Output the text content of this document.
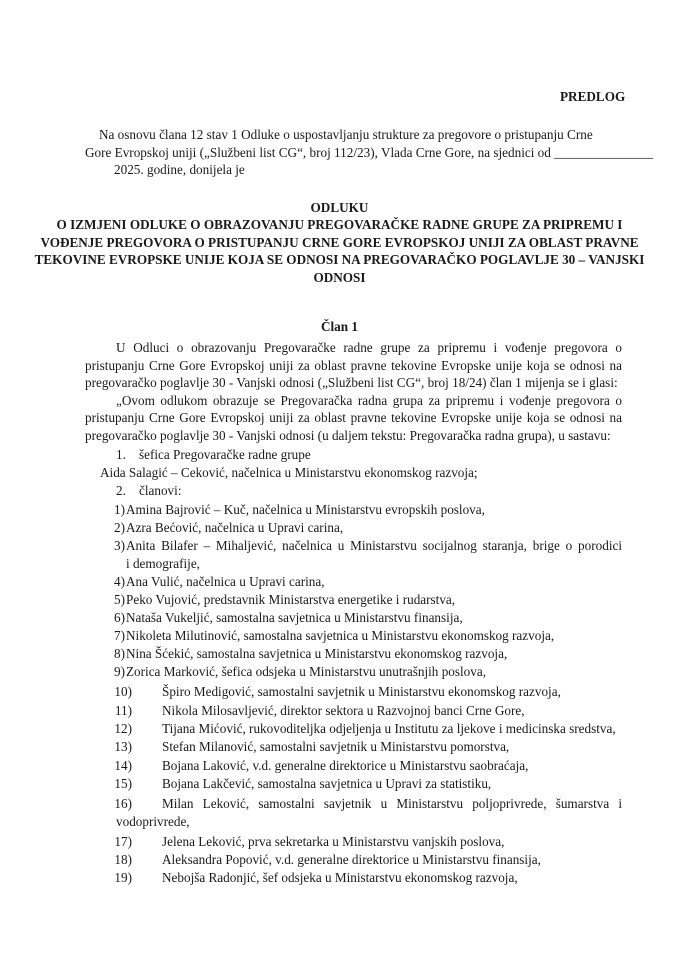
PREDLOG
Na osnovu člana 12 stav 1 Odluke o uspostavljanju strukture za pregovore o pristupanju Crne
Gore Evropskoj uniji („Službeni list CG“, broj 112/23), Vlada Crne Gore, na sjednici od _______________
2025. godine, donijela je
ODLUKU
O IZMJENI ODLUKE O OBRAZOVANJU PREGOVARAČKE RADNE GRUPE ZA PRIPREMU I
VOĐENJE PREGOVORA O PRISTUPANJU CRNE GORE EVROPSKOJ UNIJI ZA OBLAST PRAVNE
TEKOVINE EVROPSKE UNIJE KOJA SE ODNOSI NA PREGOVARAČKO POGLAVLJE 30 – VANJSKI
ODNOSI
Član 1
U Odluci o obrazovanju Pregovaračke radne grupe za pripremu i vođenje pregovora o
pristupanju Crne Gore Evropskoj uniji za oblast pravne tekovine Evropske unije koja se odnosi na
pregovaračko poglavlje 30 - Vanjski odnosi („Službeni list CG“, broj 18/24) član 1 mijenja se i glasi:
„Ovom odlukom obrazuje se Pregovaračka radna grupa za pripremu i vođenje pregovora o
pristupanju Crne Gore Evropskoj uniji za oblast pravne tekovine Evropske unije koja se odnosi na
pregovaračko poglavlje 30 - Vanjski odnosi (u daljem tekstu: Pregovaračka radna grupa), u sastavu:
1. šefica Pregovaračke radne grupe
Aida Salagić – Ceković, načelnica u Ministarstvu ekonomskog razvoja;
2. članovi:
1) Amina Bajrović – Kuč, načelnica u Ministarstvu evropskih poslova,
2) Azra Bećović, načelnica u Upravi carina,
3) Anita Bilafer – Mihaljević, načelnica u Ministarstvu socijalnog staranja, brige o porodici
i demografije,
4) Ana Vulić, načelnica u Upravi carina,
5) Peko Vujović, predstavnik Ministarstva energetike i rudarstva,
6) Nataša Vukeljić, samostalna savjetnica u Ministarstvu finansija,
7) Nikoleta Milutinović, samostalna savjetnica u Ministarstvu ekonomskog razvoja,
8) Nina Šćekić, samostalna savjetnica u Ministarstvu ekonomskog razvoja,
9) Zorica Marković, šefica odsjeka u Ministarstvu unutrašnjih poslova,
10) Špiro Medigović, samostalni savjetnik u Ministarstvu ekonomskog razvoja,
11) Nikola Milosavljević, direktor sektora u Razvojnoj banci Crne Gore,
12) Tijana Mićović, rukovoditeljka odjeljenja u Institutu za ljekove i medicinska sredstva,
13) Stefan Milanović, samostalni savjetnik u Ministarstvu pomorstva,
14) Bojana Laković, v.d. generalne direktorice u Ministarstvu saobraćaja,
15) Bojana Lakčević, samostalna savjetnica u Upravi za statistiku,
16) Milan Leković, samostalni savjetnik u Ministarstvu poljoprivrede, šumarstva i
vodoprivrede,
17) Jelena Leković, prva sekretarka u Ministarstvu vanjskih poslova,
18) Aleksandra Popović, v.d. generalne direktorice u Ministarstvu finansija,
19) Nebojša Radonjić, šef odsjeka u Ministarstvu ekonomskog razvoja,
